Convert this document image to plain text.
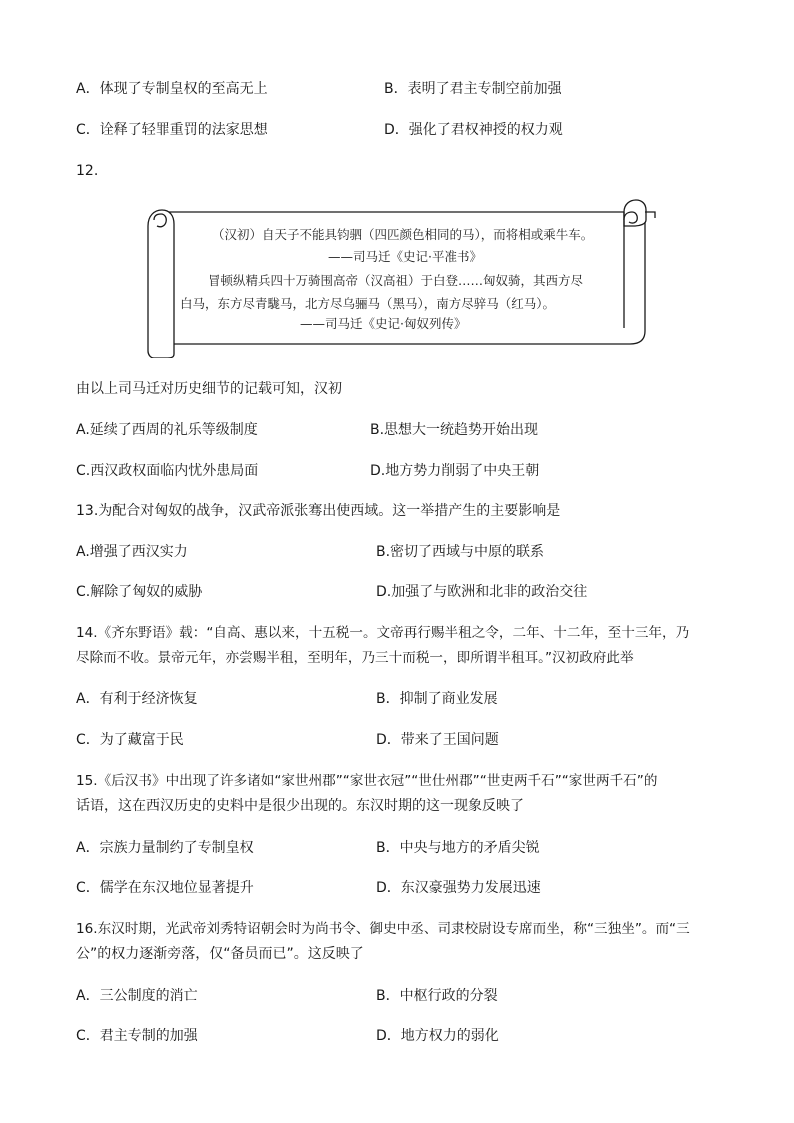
A．体现了专制皇权的至高无上	B．表明了君主专制空前加强
C．诠释了轻罪重罚的法家思想	D．强化了君权神授的权力观
12.
（汉初）自天子不能具钧驷（四匹颜色相同的马），而将相或乘牛车。
——司马迁《史记·平准书》
冒顿纵精兵四十万骑围高帝（汉高祖）于白登……匈奴骑，其西方尽
白马，东方尽青駹马，北方尽乌骊马（黑马），南方尽骍马（红马）。
——司马迁《史记·匈奴列传》
由以上司马迁对历史细节的记载可知，汉初
A.延续了西周的礼乐等级制度	B.思想大一统趋势开始出现
C.西汉政权面临内忧外患局面	D.地方势力削弱了中央王朝
13.为配合对匈奴的战争，汉武帝派张骞出使西域。这一举措产生的主要影响是
A.增强了西汉实力	B.密切了西域与中原的联系
C.解除了匈奴的威胁	D.加强了与欧洲和北非的政治交往
14.《齐东野语》载：“自高、惠以来，十五税一。文帝再行赐半租之令，二年、十二年，至十三年，乃
尽除而不收。景帝元年，亦尝赐半租，至明年，乃三十而税一，即所谓半租耳。”汉初政府此举
A．有利于经济恢复	B．抑制了商业发展
C．为了藏富于民	D．带来了王国问题
15.《后汉书》中出现了许多诸如“家世州郡”“家世衣冠”“世仕州郡”“世吏两千石”“家世两千石”的
话语，这在西汉历史的史料中是很少出现的。东汉时期的这一现象反映了
A．宗族力量制约了专制皇权	B．中央与地方的矛盾尖锐
C．儒学在东汉地位显著提升	D．东汉豪强势力发展迅速
16.东汉时期，光武帝刘秀特诏朝会时为尚书令、御史中丞、司隶校尉设专席而坐，称“三独坐”。而“三
公”的权力逐渐旁落，仅“备员而已”。这反映了
A．三公制度的消亡	B．中枢行政的分裂
C．君主专制的加强	D．地方权力的弱化
